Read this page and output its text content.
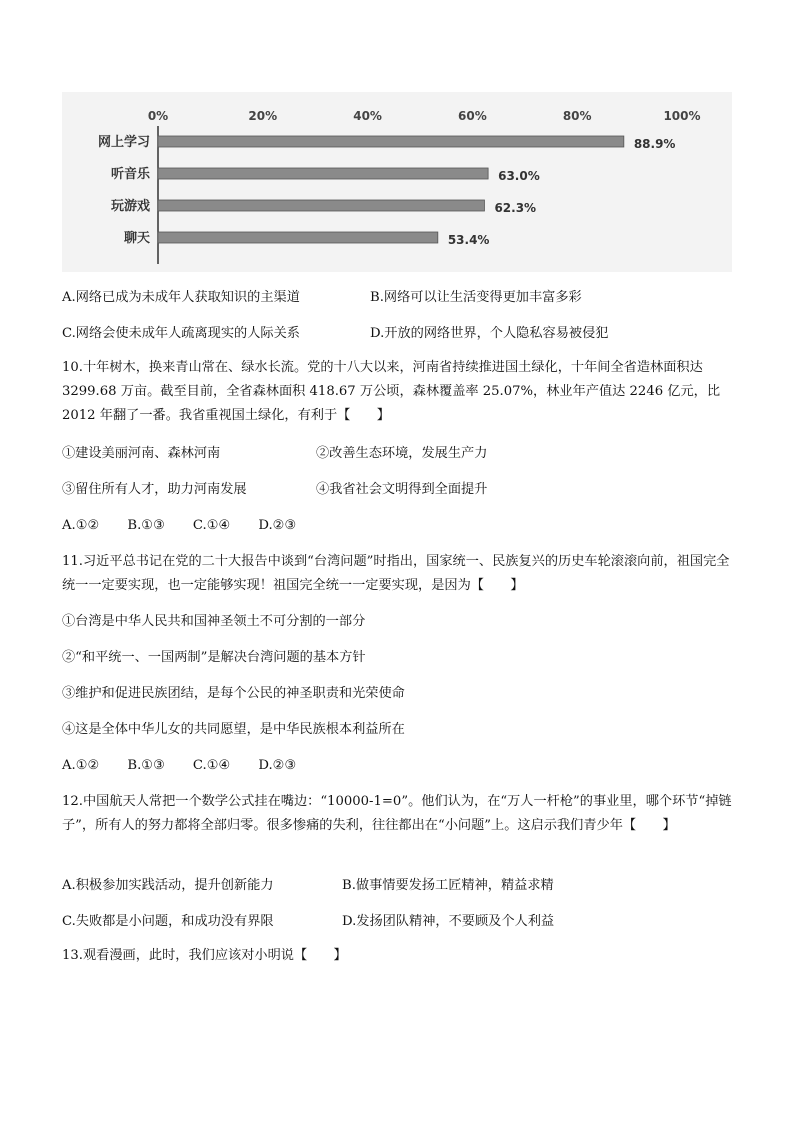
0%	20%	40%	60%	80%	100%
网上学习	88.9%
听音乐	63.0%
玩游戏	62.3%
聊天	53.4%
A.网络已成为未成年人获取知识的主渠道	B.网络可以让生活变得更加丰富多彩
C.网络会使未成年人疏离现实的人际关系	D.开放的网络世界，个人隐私容易被侵犯
10.十年树木，换来青山常在、绿水长流。党的十八大以来，河南省持续推进国土绿化，十年间全省造林面积达 3299.68 万亩。截至目前，全省森林面积 418.67 万公顷，森林覆盖率 25.07%，林业年产值达 2246 亿元，比 2012 年翻了一番。我省重视国土绿化，有利于【　　】
①建设美丽河南、森林河南	②改善生态环境，发展生产力
③留住所有人才，助力河南发展	④我省社会文明得到全面提升
A.①② B.①③ C.①④ D.②③
11.习近平总书记在党的二十大报告中谈到“台湾问题”时指出，国家统一、民族复兴的历史车轮滚滚向前，祖国完全统一一定要实现，也一定能够实现！祖国完全统一一定要实现，是因为【　　】
①台湾是中华人民共和国神圣领土不可分割的一部分
②“和平统一、一国两制”是解决台湾问题的基本方针
③维护和促进民族团结，是每个公民的神圣职责和光荣使命
④这是全体中华儿女的共同愿望，是中华民族根本利益所在
A.①② B.①③ C.①④ D.②③
12.中国航天人常把一个数学公式挂在嘴边：“10000-1=0”。他们认为，在“万人一杆枪”的事业里，哪个环节“掉链子”，所有人的努力都将全部归零。很多惨痛的失利，往往都出在“小问题”上。这启示我们青少年【　　】
A.积极参加实践活动，提升创新能力	B.做事情要发扬工匠精神，精益求精
C.失败都是小问题，和成功没有界限	D.发扬团队精神，不要顾及个人利益
13.观看漫画，此时，我们应该对小明说【　　】
